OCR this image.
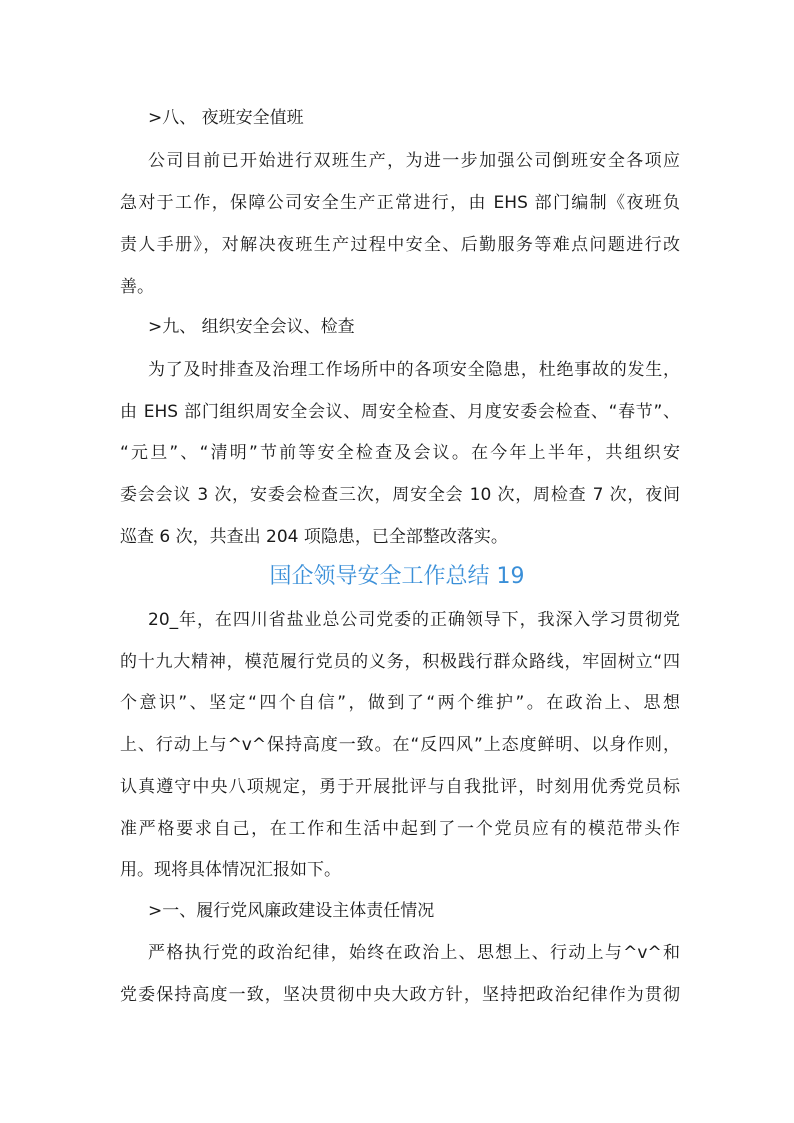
>八、 夜班安全值班
公司目前已开始进行双班生产，为进一步加强公司倒班安全各项应
急对于工作，保障公司安全生产正常进行，由 EHS 部门编制《夜班负
责人手册》，对解决夜班生产过程中安全、后勤服务等难点问题进行改
善。
>九、 组织安全会议、检查
为了及时排查及治理工作场所中的各项安全隐患，杜绝事故的发生，
由 EHS 部门组织周安全会议、周安全检查、月度安委会检查、“春节”、
“元旦”、“清明”节前等安全检查及会议。在今年上半年，共组织安
委会会议 3 次，安委会检查三次，周安全会 10 次，周检查 7 次，夜间
巡查 6 次，共查出 204 项隐患，已全部整改落实。
国企领导安全工作总结 19
20_年，在四川省盐业总公司党委的正确领导下，我深入学习贯彻党
的十九大精神，模范履行党员的义务，积极践行群众路线，牢固树立“四
个意识”、坚定“四个自信”，做到了“两个维护”。在政治上、思想
上、行动上与^v^保持高度一致。在“反四风”上态度鲜明、以身作则，
认真遵守中央八项规定，勇于开展批评与自我批评，时刻用优秀党员标
准严格要求自己，在工作和生活中起到了一个党员应有的模范带头作
用。现将具体情况汇报如下。
>一、履行党风廉政建设主体责任情况
严格执行党的政治纪律，始终在政治上、思想上、行动上与^v^和
党委保持高度一致，坚决贯彻中央大政方针，坚持把政治纪律作为贯彻
